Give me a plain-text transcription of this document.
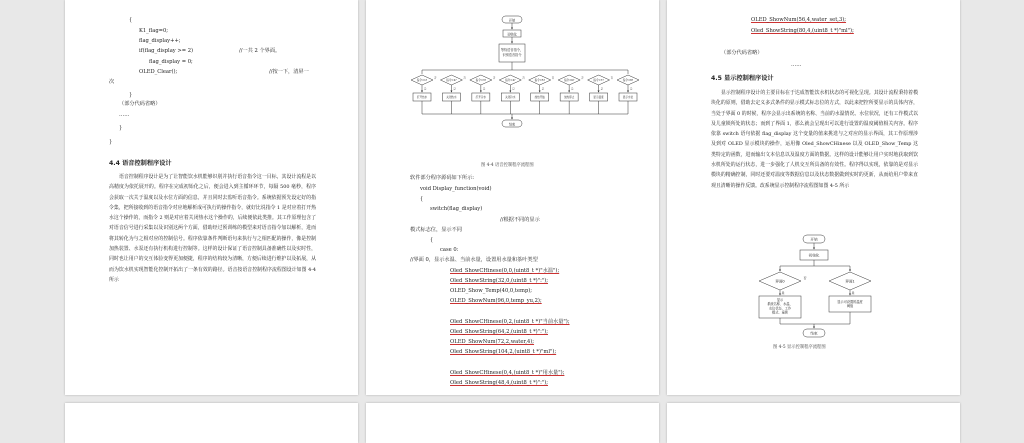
{
K1_flag=0;
flag_display++;
if(flag_display >= 2)	//一共 2 个界面。
flag_display = 0;
OLED_Clear();	//按一下，清屏一
次
}
（部分代码省略）
……
}
}
4.4 语音控制程序设计
语音控制程序设计是为了让智能饮水机能够识别并执行语音指令这一目标，其设计流程是以高精度为依托展开的。程序在完成初始化之后，便会进入到主循环环节，每隔 500 毫秒，程序会获取一次关于温度以及水位方面的信息，并且同时去监听语音指令。系统依据预先设定好的指令集，把所接收到的语音指令对应地解析成可执行的操作指令，就好比说指令 1 是对应着打开热水这个操作的，而指令 2 则是对应着关闭热水这个操作的，后续便依此类推。其工作原理包含了对语音信号进行采集以及识别这两个方面，借助经过预训练的模型来对语音指令加以解析，进而将其转化为与之相对应的控制信号。程序依靠条件判断语句来执行与之相匹配的操作，像是控制加热装置、水泵还有执行机构进行控制等。这样的设计保证了语音控制具备准确性以及实时性，同时也让用户的交互体验变得更加便捷，程序的结构较为清晰，方便后续进行维护以及拓展，从而为饮水机实现智能化控制开拓出了一条有效的路径。语音按语音控制程序流程图设计如图 4-4 所示
指令=1?
是
否
打开热水
指令=2?
是
否
关闭热水
指令=3?
是
否
打开冷水
指令=4?
是
否
关闭冷水
指令=5?
是
否
加热开始
指令=6?
是
否
加热停止
指令=7?
是
否
显示温度
指令=8?
是
显示水位
开始
初始化
等待语音指令，
识别语音指令
结束
图 4-4 语音控制程序流程图
软件部分程序源码如下所示:
void Display_function(void)
{
switch(flag_display)
//根据不同的显示
模式标志位，显示不同
{
case 0:
//界面 0，显示水温、当前水量，设置用水量和茶叶类型
Oled_ShowCHinese(0,0,(uint8_t *)"水温");
Oled_ShowString(32,0,(uint8_t *)":");
OLED_Show_Temp(40,0,temp);
OLED_ShowNum(96,0,temp_yu,2);
Oled_ShowCHinese(0,2,(uint8_t *)"当前水量");
Oled_ShowString(64,2,(uint8_t *)":");
OLED_ShowNum(72,2,water,4);
Oled_ShowString(104,2,(uint8_t *)"ml");
Oled_ShowCHinese(0,4,(uint8_t *)"用水量");
Oled_ShowString(48,4,(uint8_t *)":");
OLED_ShowNum(56,4,water_set,3);
Oled_ShowString(80,4,(uint8_t *)"ml");
（部分代码省略）
……
4.5 显示控制程序设计
显示控制程序设计的主要目标在于达成智能饮水机状态的可视化呈现。其设计流程秉持着模块化的原则，借助去定义多式条件的显示模式标志位的方式，以此来把控所要显示的具体内容，当处于界面 0 的时候，程序会显示出系统的名称、当前的水温情况、水位状况，还有工作模式以及儿童锁所处的状态；而到了界面 1，那么就会呈现出可以进行设置的温度阈值相关内容。程序依靠 switch 语句依据 flag_display 这个变量的值来挑选与之对应的显示界面，其工作原理涉及到对 OLED 显示模块的操作，运用像 Oled_ShowCHinese 以及 OLED_Show_Temp 这类特定的函数，进而输出文本信息以及温度方面的数据。这样的设计能够让用户实时地获取到饮水机所处的运行状态，进一步强化了人机交互所具备的有效性。程序得以实现，依靠的是对显示模块的精确控制，同时还要对温度等数据信息以及状态数据做到实时的更新，从而给用户带来直观且清晰的操作反馈。改系统显示控制程序流程图如图 4-5 所示
开始
初始化
界面0	界面1
是	是
否
显示
系统名称、水温、
水位状态、工作
模式、童锁
显示可设置的温度
阈值
结束
图 4-5 显示控制程序流程图
